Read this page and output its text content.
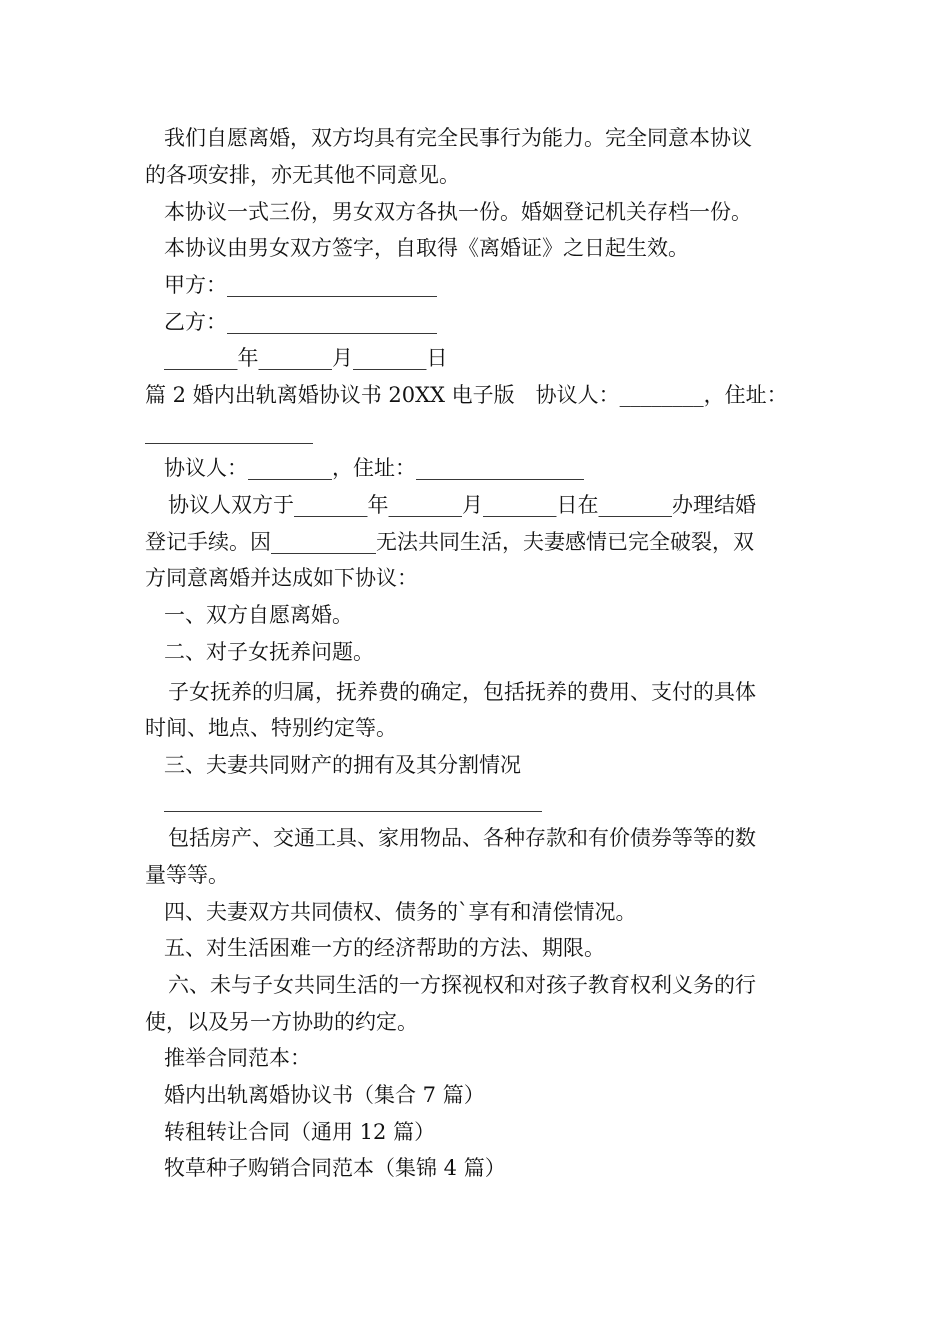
我们自愿离婚，双方均具有完全民事行为能力。完全同意本协议
的各项安排，亦无其他不同意见。
本协议一式三份，男女双方各执一份。婚姻登记机关存档一份。
本协议由男女双方签字，自取得《离婚证》之日起生效。
甲方：____________________
乙方：____________________
_______年_______月_______日
篇 2 婚内出轨离婚协议书 20XX 电子版　协议人：________，住址：
________________
协议人：________，住址：________________
协议人双方于_______年_______月_______日在_______办理结婚
登记手续。因__________无法共同生活，夫妻感情已完全破裂，双
方同意离婚并达成如下协议：
一、双方自愿离婚。
二、对子女抚养问题。
子女抚养的归属，抚养费的确定，包括抚养的费用、支付的具体
时间、地点、特别约定等。
三、夫妻共同财产的拥有及其分割情况
____________________________________
包括房产、交通工具、家用物品、各种存款和有价债券等等的数
量等等。
四、夫妻双方共同债权、债务的`享有和清偿情况。
五、对生活困难一方的经济帮助的方法、期限。
六、未与子女共同生活的一方探视权和对孩子教育权利义务的行
使，以及另一方协助的约定。
推举合同范本：
婚内出轨离婚协议书（集合 7 篇）
转租转让合同（通用 12 篇）
牧草种子购销合同范本（集锦 4 篇）
